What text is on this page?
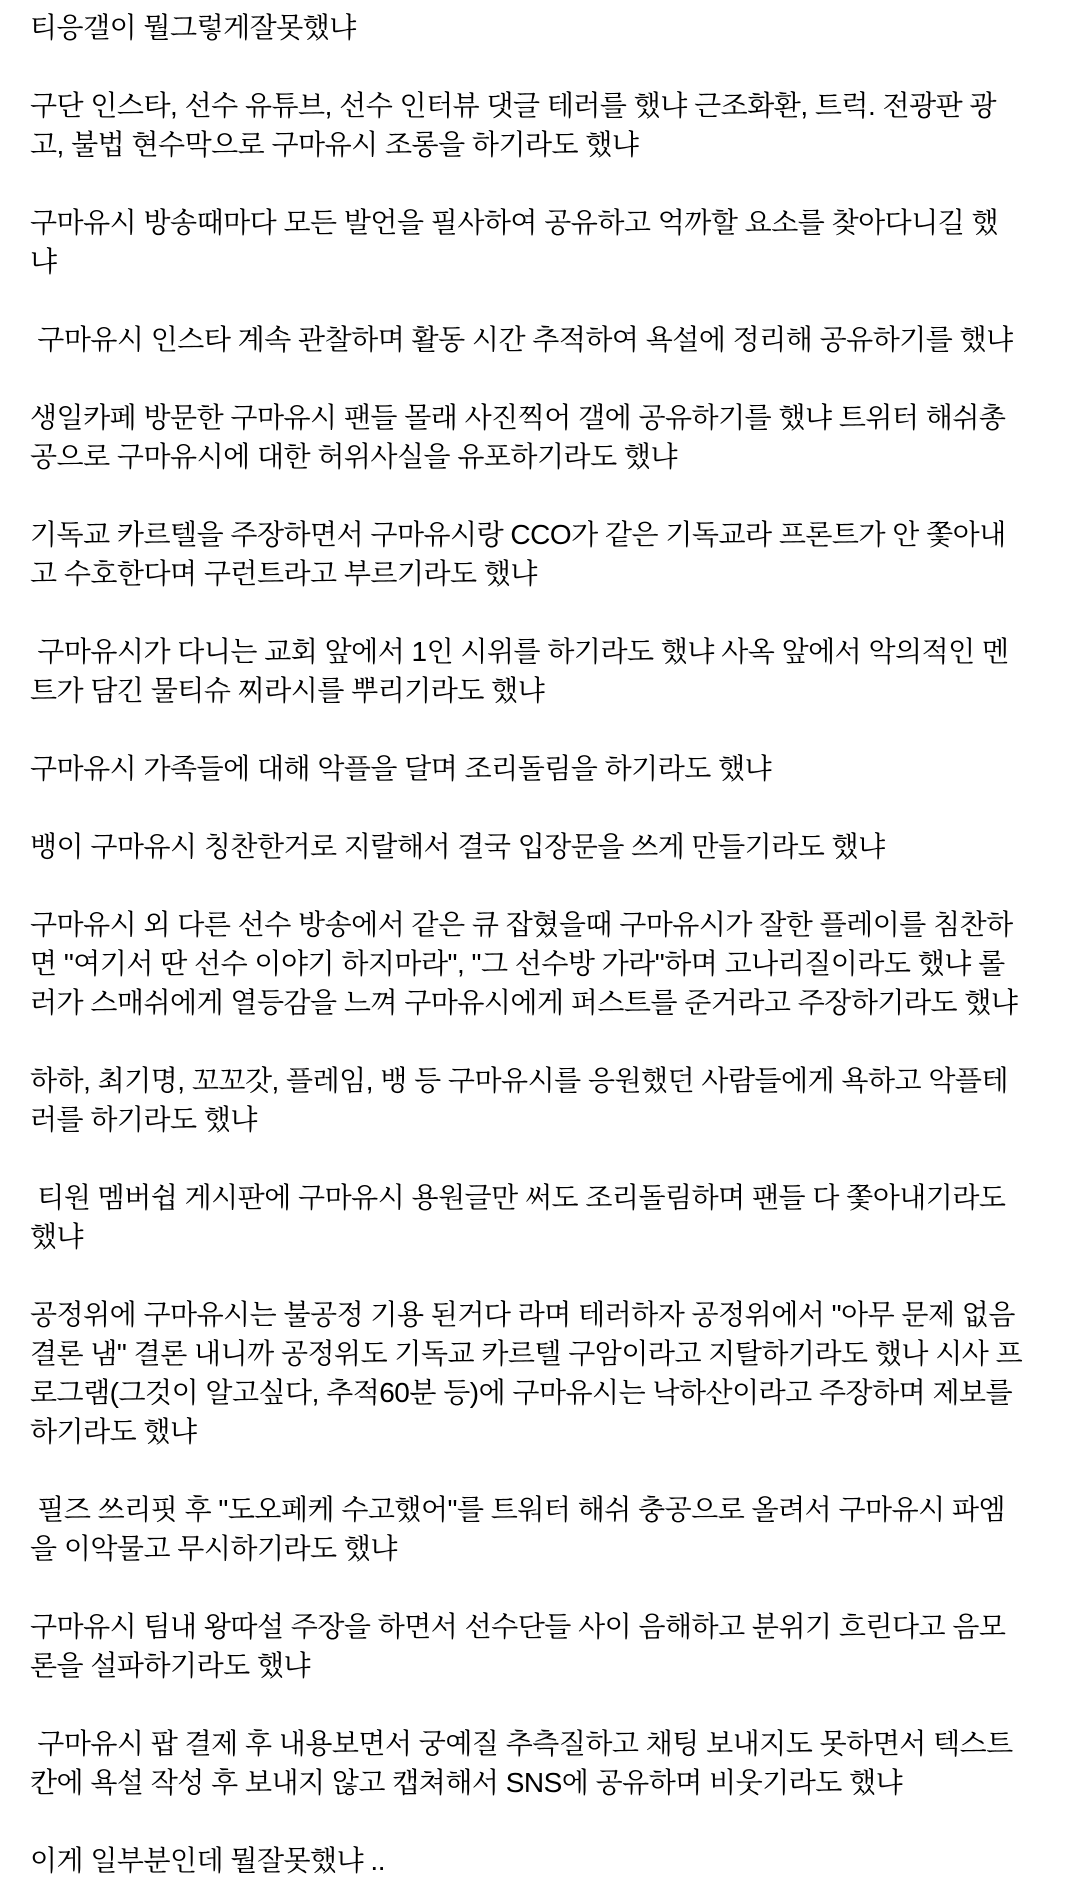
티응갤이 뭘그렇게잘못했냐

구단 인스타, 선수 유튜브, 선수 인터뷰 댓글 테러를 했냐 근조화환, 트럭. 전광판 광고, 불법 현수막으로 구마유시 조롱을 하기라도 했냐

구마유시 방송때마다 모든 발언을 필사하여 공유하고 억까할 요소를 찾아다니길 했냐

구마유시 인스타 계속 관찰하며 활동 시간 추적하여 욕설에 정리해 공유하기를 했냐

생일카페 방문한 구마유시 팬들 몰래 사진찍어 갤에 공유하기를 했냐 트위터 해쉬총공으로 구마유시에 대한 허위사실을 유포하기라도 했냐

기독교 카르텔을 주장하면서 구마유시랑 CCO가 같은 기독교라 프론트가 안 쫓아내고 수호한다며 구런트라고 부르기라도 했냐

구마유시가 다니는 교회 앞에서 1인 시위를 하기라도 했냐 사옥 앞에서 악의적인 멘트가 담긴 물티슈 찌라시를 뿌리기라도 했냐

구마유시 가족들에 대해 악플을 달며 조리돌림을 하기라도 했냐

뱅이 구마유시 칭찬한거로 지랄해서 결국 입장문을 쓰게 만들기라도 했냐

구마유시 외 다른 선수 방송에서 같은 큐 잡혔을때 구마유시가 잘한 플레이를 침찬하면 "여기서 딴 선수 이야기 하지마라", "그 선수방 가라"하며 고나리질이라도 했냐 롤러가 스매쉬에게 열등감을 느껴 구마유시에게 퍼스트를 준거라고 주장하기라도 했냐

하하, 최기명, 꼬꼬갓, 플레임, 뱅 등 구마유시를 응원했던 사람들에게 욕하고 악플테러를 하기라도 했냐

티원 멤버쉽 게시판에 구마유시 용원글만 써도 조리돌림하며 팬들 다 쫓아내기라도 했냐

공정위에 구마유시는 불공정 기용 된거다 라며 테러하자 공정위에서 "아무 문제 없음 결론 냄" 결론 내니까 공정위도 기독교 카르텔 구암이라고 지탈하기라도 했나 시사 프로그램(그것이 알고싶다, 추적60분 등)에 구마유시는 낙하산이라고 주장하며 제보를 하기라도 했냐

필즈 쓰리핏 후 "도오페케 수고했어"를 트워터 해쉬 충공으로 올려서 구마유시 파엠을 이악물고 무시하기라도 했냐

구마유시 팀내 왕따설 주장을 하면서 선수단들 사이 음해하고 분위기 흐린다고 음모론을 설파하기라도 했냐

구마유시 팝 결제 후 내용보면서 궁예질 추측질하고 채팅 보내지도 못하면서 텍스트칸에 욕설 작성 후 보내지 않고 캡쳐해서 SNS에 공유하며 비웃기라도 했냐

이게 일부분인데 뭘잘못했냐 ..
